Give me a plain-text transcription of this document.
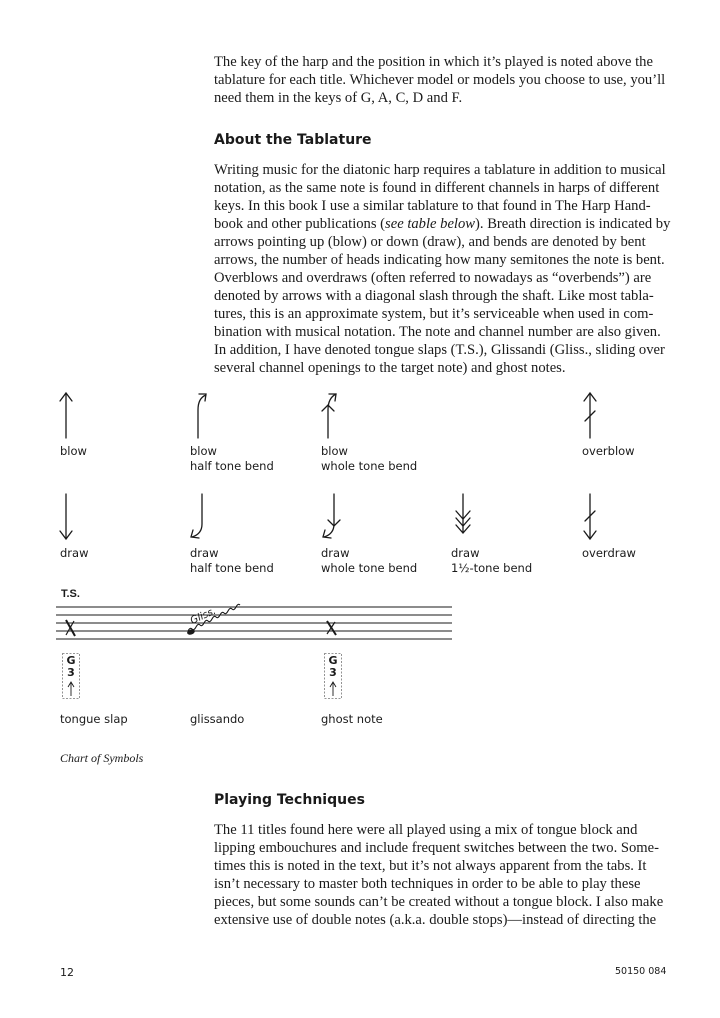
The key of the harp and the position in which it’s played is noted above the
tablature for each title. Whichever model or models you choose to use, you’ll
need them in the keys of G, A, C, D and F.
About the Tablature
Writing music for the diatonic harp requires a tablature in addition to musical
notation, as the same note is found in different channels in harps of different
keys. In this book I use a similar tablature to that found in The Harp Hand-
book and other publications (see table below). Breath direction is indicated by
arrows pointing up (blow) or down (draw), and bends are denoted by bent
arrows, the number of heads indicating how many semitones the note is bent.
Overblows and overdraws (often referred to nowadays as “overbends”) are
denoted by arrows with a diagonal slash through the shaft. Like most tabla-
tures, this is an approximate system, but it’s serviceable when used in com-
bination with musical notation. The note and channel number are also given.
In addition, I have denoted tongue slaps (T.S.), Glissandi (Gliss., sliding over
several channel openings to the target note) and ghost notes.
blow	blow
half tone bend
blow
whole tone bend
overblow
draw	draw
half tone bend
draw
whole tone bend
draw
1½-tone bend
overdraw
T.S.
Gliss.
G
3
G
3
tongue slap	glissando	ghost note
Chart of Symbols
Playing Techniques
The 11 titles found here were all played using a mix of tongue block and
lipping embouchures and include frequent switches between the two. Some-
times this is noted in the text, but it’s not always apparent from the tabs. It
isn’t necessary to master both techniques in order to be able to play these
pieces, but some sounds can’t be created without a tongue block. I also make
extensive use of double notes (a.k.a. double stops)—instead of directing the
12	50150 084
